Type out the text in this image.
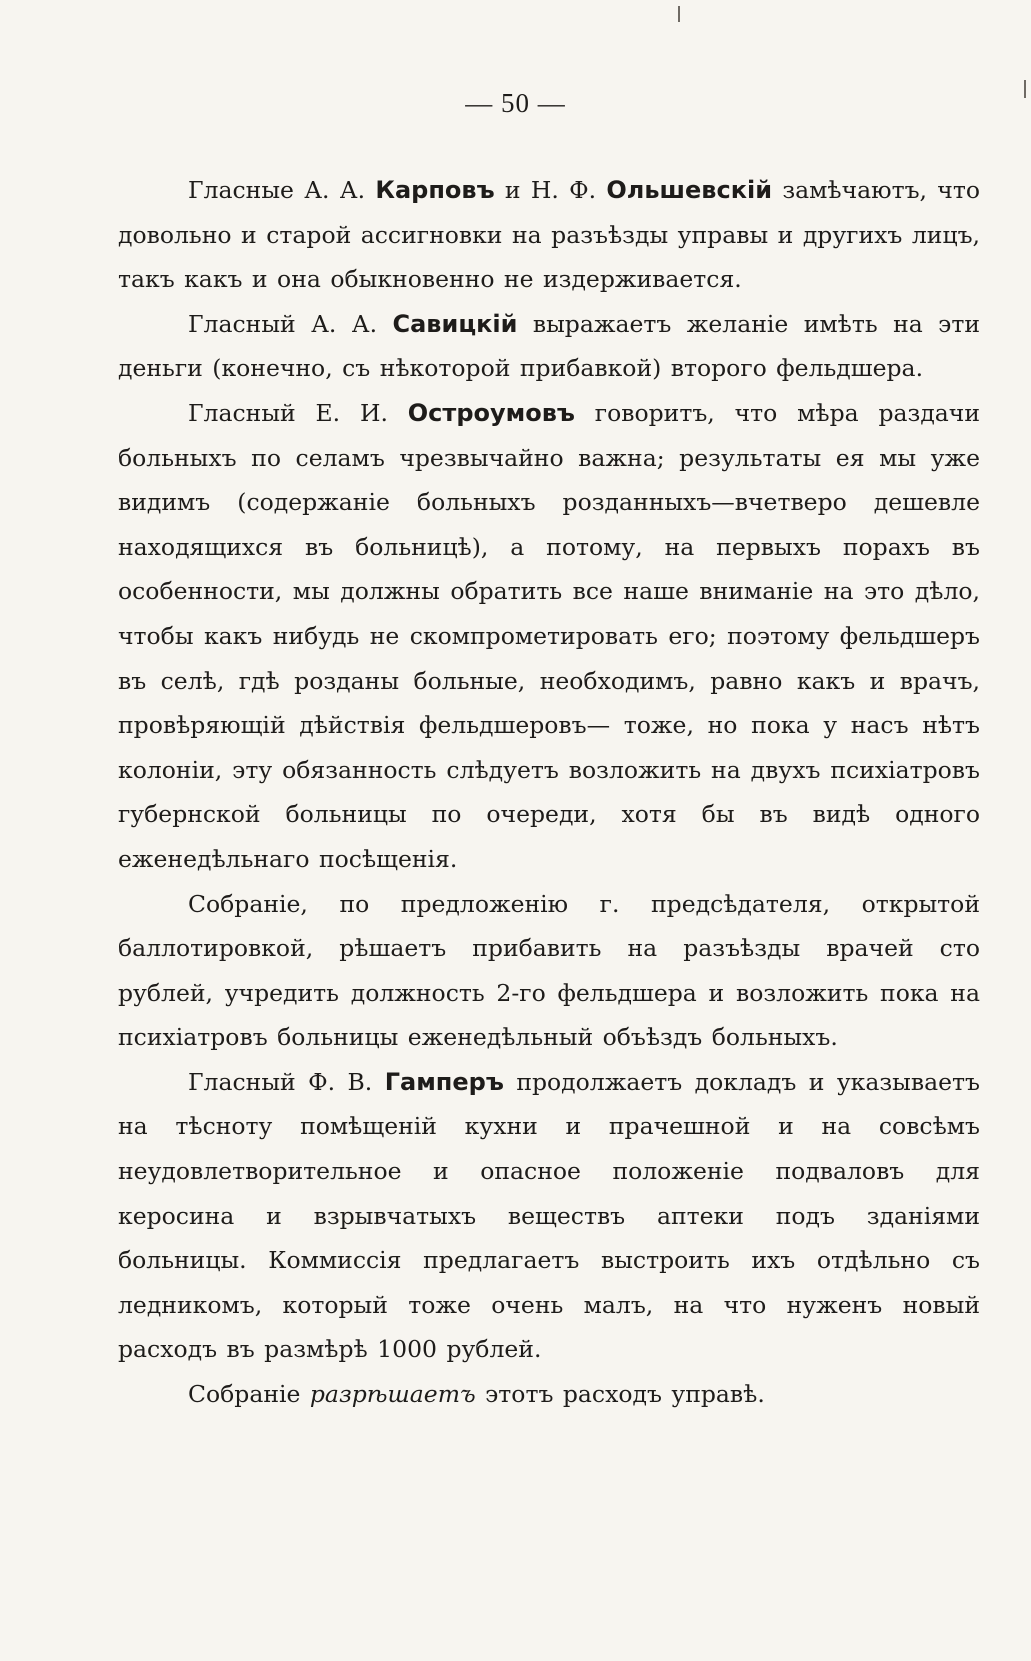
— 50 —

Гласные А. А. Карповъ и Н. Ф. Ольшевскій замѣчаютъ, что довольно и старой ассигновки на разъѣзды управы и другихъ лицъ, такъ какъ и она обыкновенно не издерживается.

Гласный А. А. Савицкій выражаетъ желаніе имѣть на эти деньги (конечно, съ нѣкоторой прибавкой) второго фельдшера.

Гласный Е. И. Остроумовъ говоритъ, что мѣра раздачи больныхъ по селамъ чрезвычайно важна; результаты ея мы уже видимъ (содержаніе больныхъ розданныхъ—вчетверо дешевле находящихся въ больницѣ), а потому, на первыхъ порахъ въ особенности, мы должны обратить все наше вниманіе на это дѣло, чтобы какъ нибудь не скомпрометировать его; поэтому фельдшеръ въ селѣ, гдѣ розданы больные, необходимъ, равно какъ и врачъ, провѣряющій дѣйствія фельдшеровъ— тоже, но пока у насъ нѣтъ колоніи, эту обязанность слѣдуетъ возложить на двухъ психіатровъ губернской больницы по очереди, хотя бы въ видѣ одного еженедѣльнаго посѣщенія.

Собраніе, по предложенію г. предсѣдателя, открытой баллотировкой, рѣшаетъ прибавить на разъѣзды врачей сто рублей, учредить должность 2-го фельдшера и возложить пока на психіатровъ больницы еженедѣльный объѣздъ больныхъ.

Гласный Ф. В. Гамперъ продолжаетъ докладъ и указываетъ на тѣсноту помѣщеній кухни и прачешной и на совсѣмъ неудовлетворительное и опасное положеніе подваловъ для керосина и взрывчатыхъ веществъ аптеки подъ зданіями больницы. Коммиссія предлагаетъ выстроить ихъ отдѣльно съ ледникомъ, который тоже очень малъ, на что нуженъ новый расходъ въ размѣрѣ 1000 рублей.

Собраніе разрѣшаетъ этотъ расходъ управѣ.
